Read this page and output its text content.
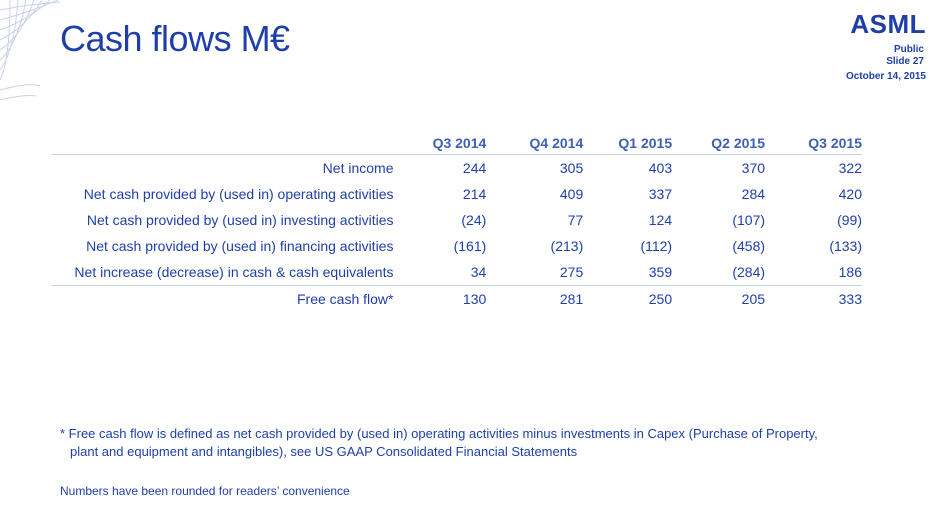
Cash flows M€	ASML
Public
Slide 27
October 14, 2015
	Q3 2014	Q4 2014	Q1 2015	Q2 2015	Q3 2015
Net income	244	305	403	370	322
Net cash provided by (used in) operating activities	214	409	337	284	420
Net cash provided by (used in) investing activities	(24)	77	124	(107)	(99)
Net cash provided by (used in) financing activities	(161)	(213)	(112)	(458)	(133)
Net increase (decrease) in cash & cash equivalents	34	275	359	(284)	186
Free cash flow*	130	281	250	205	333
* Free cash flow is defined as net cash provided by (used in) operating activities minus investments in Capex (Purchase of Property,
plant and equipment and intangibles), see US GAAP Consolidated Financial Statements
Numbers have been rounded for readers’ convenience
